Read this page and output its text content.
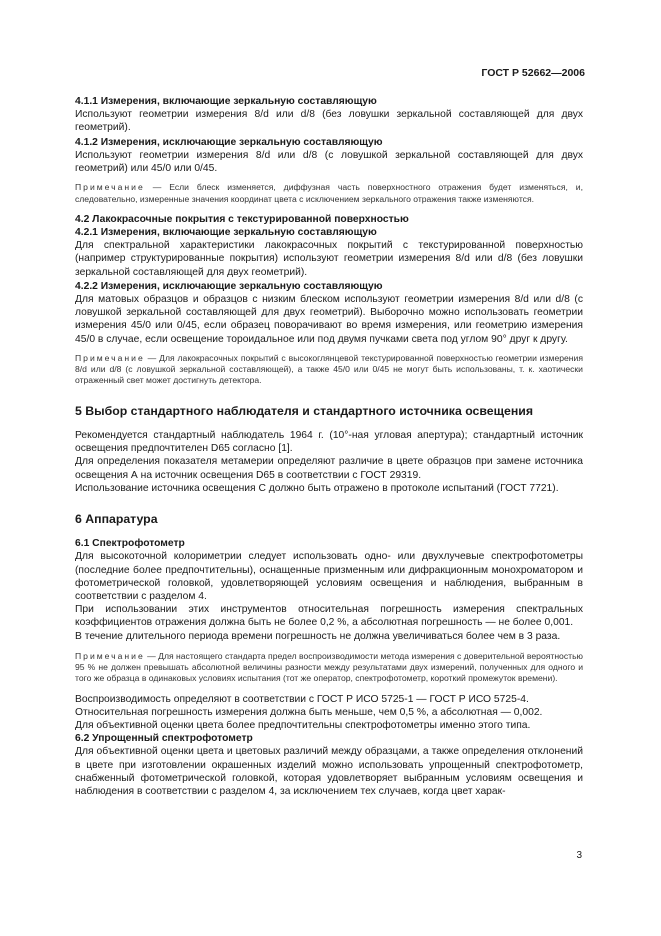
ГОСТ Р 52662—2006

4.1.1 Измерения, включающие зеркальную составляющую

Используют геометрии измерения 8/d или d/8 (без ловушки зеркальной составляющей для двух геометрий).

4.1.2 Измерения, исключающие зеркальную составляющую

Используют геометрии измерения 8/d или d/8 (с ловушкой зеркальной составляющей для двух геометрий) или 45/0 или 0/45.

Примечание — Если блеск изменяется, диффузная часть поверхностного отражения будет изменяться, и, следовательно, измеренные значения координат цвета с исключением зеркального отражения также изменяются.

4.2 Лакокрасочные покрытия с текстурированной поверхностью

4.2.1 Измерения, включающие зеркальную составляющую

Для спектральной характеристики лакокрасочных покрытий с текстурированной поверхностью (например структурированные покрытия) используют геометрии измерения 8/d или d/8 (без ловушки зеркальной составляющей для двух геометрий).

4.2.2 Измерения, исключающие зеркальную составляющую

Для матовых образцов и образцов с низким блеском используют геометрии измерения 8/d или d/8 (с ловушкой зеркальной составляющей для двух геометрий). Выборочно можно использовать геометрии измерения 45/0 или 0/45, если образец поворачивают во время измерения, или геометрию измерения 45/0 в случае, если освещение тороидальное или под двумя пучками света под углом 90° друг к другу.

Примечание — Для лакокрасочных покрытий с высокоглянцевой текстурированной поверхностью геометрии измерения 8/d или d/8 (с ловушкой зеркальной составляющей), а также 45/0 или 0/45 не могут быть использованы, т. к. хаотически отраженный свет может достигнуть детектора.

5 Выбор стандартного наблюдателя и стандартного источника освещения

Рекомендуется стандартный наблюдатель 1964 г. (10°-ная угловая апертура); стандартный источник освещения предпочтителен D65 согласно [1].

Для определения показателя метамерии определяют различие в цвете образцов при замене источника освещения А на источник освещения D65 в соответствии с ГОСТ 29319.

Использование источника освещения С должно быть отражено в протоколе испытаний (ГОСТ 7721).

6 Аппаратура

6.1 Спектрофотометр

Для высокоточной колориметрии следует использовать одно- или двухлучевые спектрофотометры (последние более предпочтительны), оснащенные призменным или дифракционным монохроматором и фотометрической головкой, удовлетворяющей условиям освещения и наблюдения, выбранным в соответствии с разделом 4.

При использовании этих инструментов относительная погрешность измерения спектральных коэффициентов отражения должна быть не более 0,2 %, а абсолютная погрешность — не более 0,001.

В течение длительного периода времени погрешность не должна увеличиваться более чем в 3 раза.

Примечание — Для настоящего стандарта предел воспроизводимости метода измерения с доверительной вероятностью 95 % не должен превышать абсолютной величины разности между результатами двух измерений, полученных для одного и того же образца в одинаковых условиях испытания (тот же оператор, спектрофотометр, короткий промежуток времени).

Воспроизводимость определяют в соответствии с ГОСТ Р ИСО 5725-1 — ГОСТ Р ИСО 5725-4.

Относительная погрешность измерения должна быть меньше, чем 0,5 %, а абсолютная — 0,002.

Для объективной оценки цвета более предпочтительны спектрофотометры именно этого типа.

6.2 Упрощенный спектрофотометр

Для объективной оценки цвета и цветовых различий между образцами, а также определения отклонений в цвете при изготовлении окрашенных изделий можно использовать упрощенный спектрофотометр, снабженный фотометрической головкой, которая удовлетворяет выбранным условиям освещения и наблюдения в соответствии с разделом 4, за исключением тех случаев, когда цвет харак-

3
